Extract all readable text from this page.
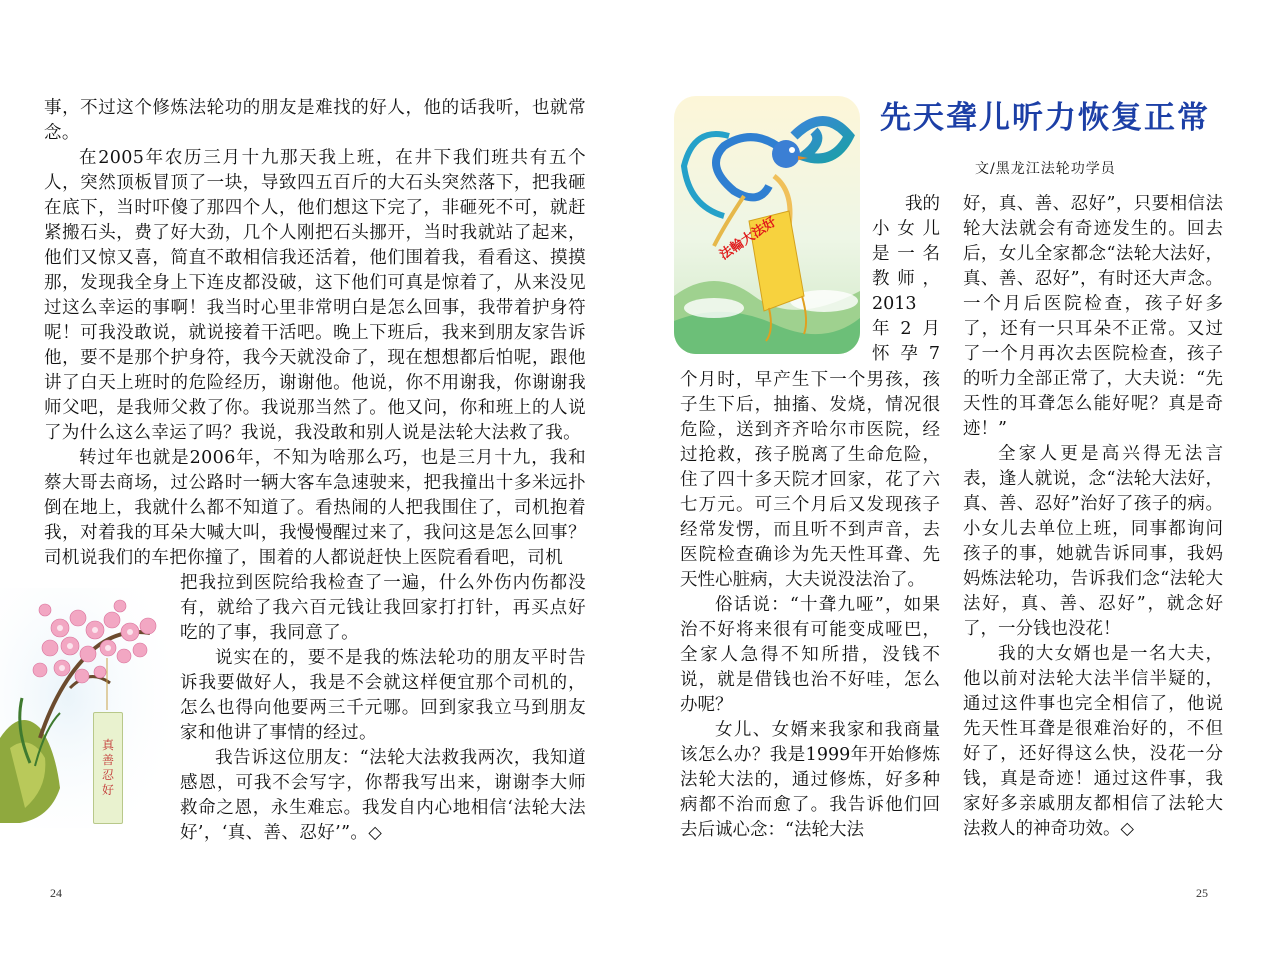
事，不过这个修炼法轮功的朋友是难找的好人，他的话我听，也就常念。

在2005年农历三月十九那天我上班，在井下我们班共有五个人，突然顶板冒顶了一块，导致四五百斤的大石头突然落下，把我砸在底下，当时吓傻了那四个人，他们想这下完了，非砸死不可，就赶紧搬石头，费了好大劲，几个人刚把石头挪开，当时我就站了起来，他们又惊又喜，简直不敢相信我还活着，他们围着我，看看这、摸摸那，发现我全身上下连皮都没破，这下他们可真是惊着了，从来没见过这么幸运的事啊！我当时心里非常明白是怎么回事，我带着护身符呢！可我没敢说，就说接着干活吧。晚上下班后，我来到朋友家告诉他，要不是那个护身符，我今天就没命了，现在想想都后怕呢，跟他讲了白天上班时的危险经历，谢谢他。他说，你不用谢我，你谢谢我师父吧，是我师父救了你。我说那当然了。他又问，你和班上的人说了为什么这么幸运了吗？我说，我没敢和别人说是法轮大法救了我。

转过年也就是2006年，不知为啥那么巧，也是三月十九，我和蔡大哥去商场，过公路时一辆大客车急速驶来，把我撞出十多米远扑倒在地上，我就什么都不知道了。看热闹的人把我围住了，司机抱着我，对着我的耳朵大喊大叫，我慢慢醒过来了，我问这是怎么回事？司机说我们的车把你撞了，围着的人都说赶快上医院看看吧，司机

把我拉到医院给我检查了一遍，什么外伤内伤都没有，就给了我六百元钱让我回家打打针，再买点好吃的了事，我同意了。

说实在的，要不是我的炼法轮功的朋友平时告诉我要做好人，我是不会就这样便宜那个司机的，怎么也得向他要两三千元哪。回到家我立马到朋友家和他讲了事情的经过。

我告诉这位朋友：“法轮大法救我两次，我知道感恩，可我不会写字，你帮我写出来，谢谢李大师救命之恩，永生难忘。我发自内心地相信‘法轮大法好’，‘真、善、忍好’”。◇

真
善
忍
好
24
法輪大法好
先天聋儿听力恢复正常

文/黑龙江法轮功学员

我的
小女儿
是一名
教师，
2013
年2月
怀孕7

个月时，早产生下一个男孩，孩子生下后，抽搐、发烧，情况很危险，送到齐齐哈尔市医院，经过抢救，孩子脱离了生命危险，住了四十多天院才回家，花了六七万元。可三个月后又发现孩子经常发愣，而且听不到声音，去医院检查确诊为先天性耳聋、先天性心脏病，大夫说没法治了。

俗话说：“十聋九哑”，如果治不好将来很有可能变成哑巴，全家人急得不知所措，没钱不说，就是借钱也治不好哇，怎么办呢？

女儿、女婿来我家和我商量该怎么办？我是1999年开始修炼法轮大法的，通过修炼，好多种病都不治而愈了。我告诉他们回去后诚心念：“法轮大法

好，真、善、忍好”，只要相信法轮大法就会有奇迹发生的。回去后，女儿全家都念“法轮大法好，真、善、忍好”，有时还大声念。一个月后医院检查，孩子好多了，还有一只耳朵不正常。又过了一个月再次去医院检查，孩子的听力全部正常了，大夫说：“先天性的耳聋怎么能好呢？真是奇迹！”

全家人更是高兴得无法言表，逢人就说，念“法轮大法好，真、善、忍好”治好了孩子的病。小女儿去单位上班，同事都询问孩子的事，她就告诉同事，我妈妈炼法轮功，告诉我们念“法轮大法好，真、善、忍好”，就念好了，一分钱也没花！

我的大女婿也是一名大夫，他以前对法轮大法半信半疑的，通过这件事也完全相信了，他说先天性耳聋是很难治好的，不但好了，还好得这么快，没花一分钱，真是奇迹！通过这件事，我家好多亲戚朋友都相信了法轮大法救人的神奇功效。◇

25
